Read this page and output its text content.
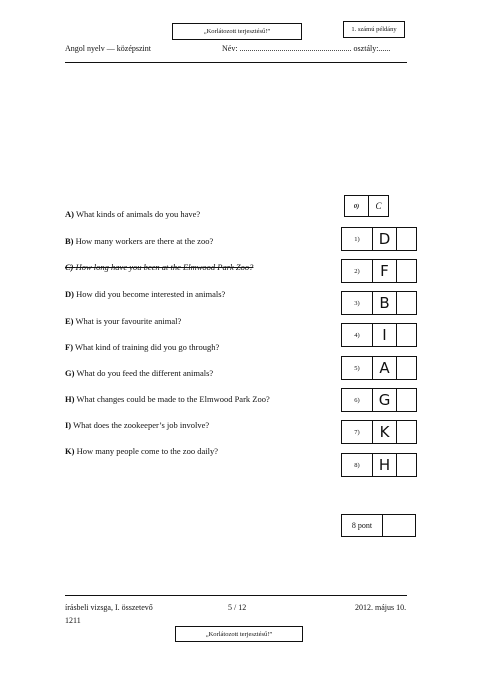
„Korlátozott terjesztésű!”	1. számú példány
Angol nyelv — középszint	Név: ........................................................ osztály:......
0)	C
A) What kinds of animals do you have?
B) How many workers are there at the zoo?
C) How long have you been at the Elmwood Park Zoo?
D) How did you become interested in animals?
E) What is your favourite animal?
F) What kind of training did you go through?
G) What do you feed the different animals?
H) What changes could be made to the Elmwood Park Zoo?
I) What does the zookeeper’s job involve?
K) How many people come to the zoo daily?
1)	D
2)	F
3)	B
4)	I
5)	A
6)	G
7)	K
8)	H
8 pont
írásbeli vizsga, I. összetevő
1211
5 / 12	2012. május 10.
„Korlátozott terjesztésű!”
